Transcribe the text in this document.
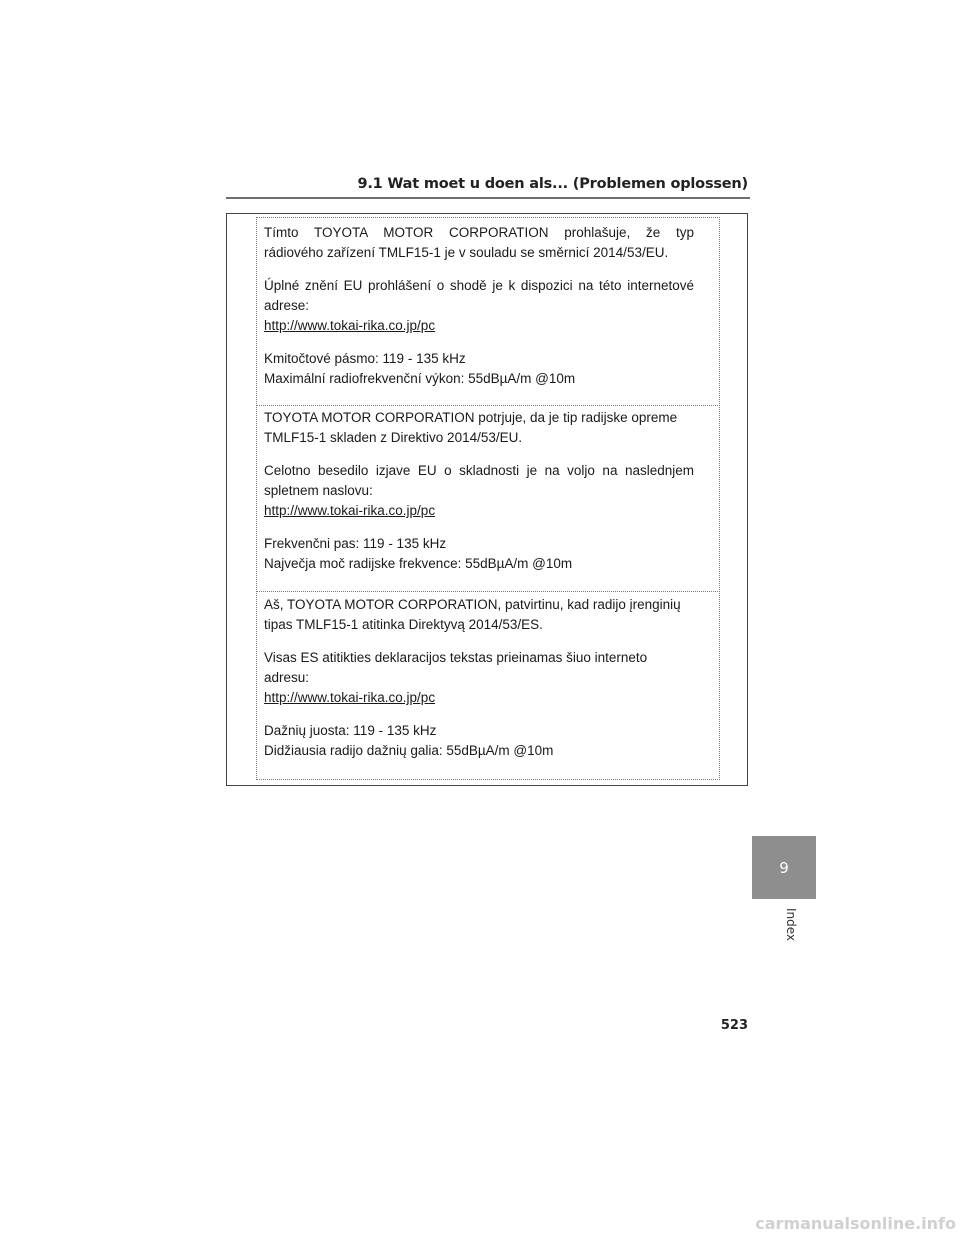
9.1 Wat moet u doen als... (Problemen oplossen)

Tímto TOYOTA MOTOR CORPORATION prohlašuje, že typ

rádiového zařízení TMLF15-1 je v souladu se směrnicí 2014/53/EU.

Úplné znění EU prohlášení o shodě je k dispozici na této internetové

adrese:

http://www.tokai-rika.co.jp/pc

Kmitočtové pásmo: 119 - 135 kHz

Maximální radiofrekvenční výkon: 55dBµA/m @10m

TOYOTA MOTOR CORPORATION potrjuje, da je tip radijske opreme

TMLF15-1 skladen z Direktivo 2014/53/EU.

Celotno besedilo izjave EU o skladnosti je na voljo na naslednjem

spletnem naslovu:

http://www.tokai-rika.co.jp/pc

Frekvenčni pas: 119 - 135 kHz

Največja moč radijske frekvence: 55dBµA/m @10m

Aš, TOYOTA MOTOR CORPORATION, patvirtinu, kad radijo įrenginių

tipas TMLF15-1 atitinka Direktyvą 2014/53/ES.

Visas ES atitikties deklaracijos tekstas prieinamas šiuo interneto

adresu:

http://www.tokai-rika.co.jp/pc

Dažnių juosta: 119 - 135 kHz

Didžiausia radijo dažnių galia: 55dBµA/m @10m

9
Index
523
carmanualsonline.info
